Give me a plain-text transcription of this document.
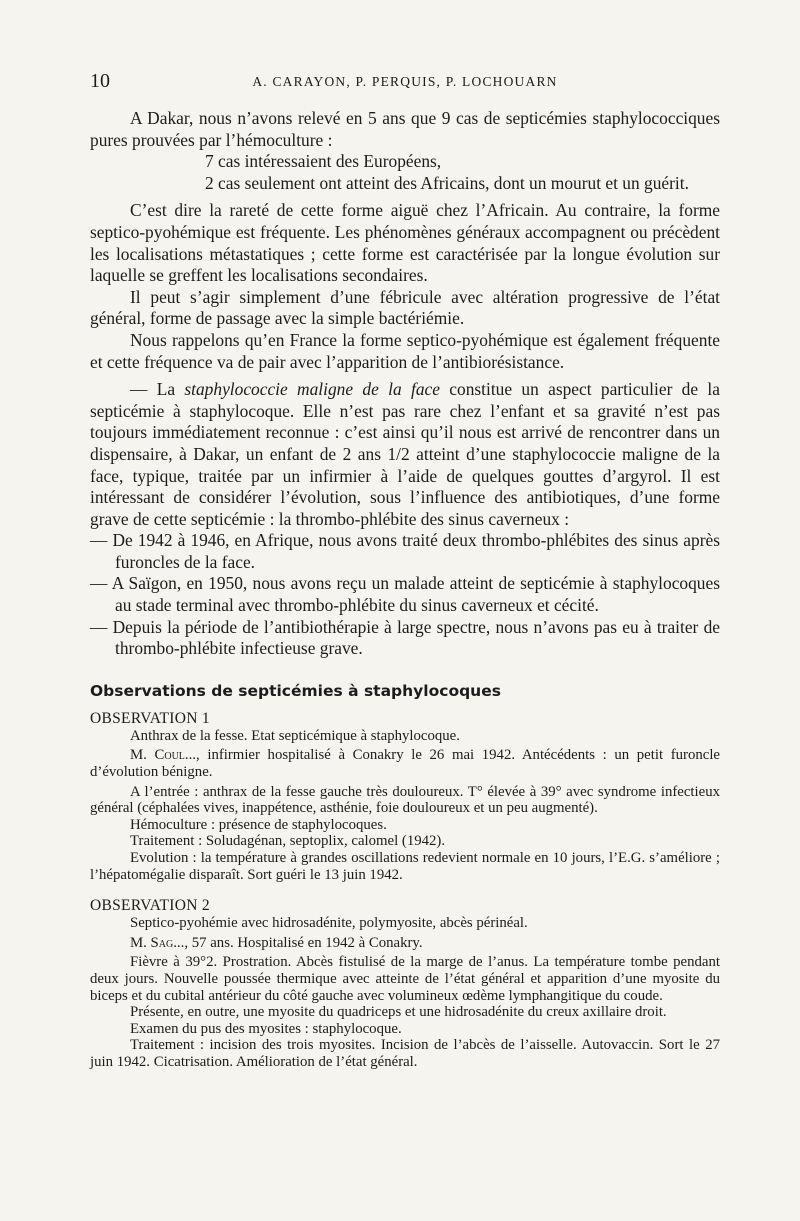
10	A. CARAYON, P. PERQUIS, P. LOCHOUARN

A Dakar, nous n’avons relevé en 5 ans que 9 cas de septicémies staphylococciques pures prouvées par l’hémoculture :

7 cas intéressaient des Européens,

2 cas seulement ont atteint des Africains, dont un mourut et un guérit.

C’est dire la rareté de cette forme aiguë chez l’Africain. Au contraire, la forme septico-pyohémique est fréquente. Les phénomènes généraux accompagnent ou précèdent les localisations métastatiques ; cette forme est caractérisée par la longue évolution sur laquelle se greffent les localisations secondaires.

Il peut s’agir simplement d’une fébricule avec altération progressive de l’état général, forme de passage avec la simple bactériémie.

Nous rappelons qu’en France la forme septico-pyohémique est également fréquente et cette fréquence va de pair avec l’apparition de l’antibiorésistance.

— La staphylococcie maligne de la face constitue un aspect particulier de la septicémie à staphylocoque. Elle n’est pas rare chez l’enfant et sa gravité n’est pas toujours immédiatement reconnue : c’est ainsi qu’il nous est arrivé de rencontrer dans un dispensaire, à Dakar, un enfant de 2 ans 1/2 atteint d’une staphylococcie maligne de la face, typique, traitée par un infirmier à l’aide de quelques gouttes d’argyrol. Il est intéressant de considérer l’évolution, sous l’influence des antibiotiques, d’une forme grave de cette septicémie : la thrombo-phlébite des sinus caverneux :

— De 1942 à 1946, en Afrique, nous avons traité deux thrombo-phlébites des sinus après furoncles de la face.

— A Saïgon, en 1950, nous avons reçu un malade atteint de septicémie à staphylocoques au stade terminal avec thrombo-phlébite du sinus caverneux et cécité.

— Depuis la période de l’antibiothérapie à large spectre, nous n’avons pas eu à traiter de thrombo-phlébite infectieuse grave.

Observations de septicémies à staphylocoques
OBSERVATION 1

Anthrax de la fesse. Etat septicémique à staphylocoque.

M. Coul..., infirmier hospitalisé à Conakry le 26 mai 1942. Antécédents : un petit furoncle d’évolution bénigne.

A l’entrée : anthrax de la fesse gauche très douloureux. T° élevée à 39° avec syndrome infectieux général (céphalées vives, inappétence, asthénie, foie douloureux et un peu augmenté).

Hémoculture : présence de staphylocoques.

Traitement : Soludagénan, septoplix, calomel (1942).

Evolution : la température à grandes oscillations redevient normale en 10 jours, l’E.G. s’améliore ; l’hépatomégalie disparaît. Sort guéri le 13 juin 1942.

OBSERVATION 2

Septico-pyohémie avec hidrosadénite, polymyosite, abcès périnéal.

M. Sag..., 57 ans. Hospitalisé en 1942 à Conakry.

Fièvre à 39°2. Prostration. Abcès fistulisé de la marge de l’anus. La température tombe pendant deux jours. Nouvelle poussée thermique avec atteinte de l’état général et apparition d’une myosite du biceps et du cubital antérieur du côté gauche avec volumineux œdème lymphangitique du coude.

Présente, en outre, une myosite du quadriceps et une hidrosadénite du creux axillaire droit.

Examen du pus des myosites : staphylocoque.

Traitement : incision des trois myosites. Incision de l’abcès de l’aisselle. Autovaccin. Sort le 27 juin 1942. Cicatrisation. Amélioration de l’état général.
